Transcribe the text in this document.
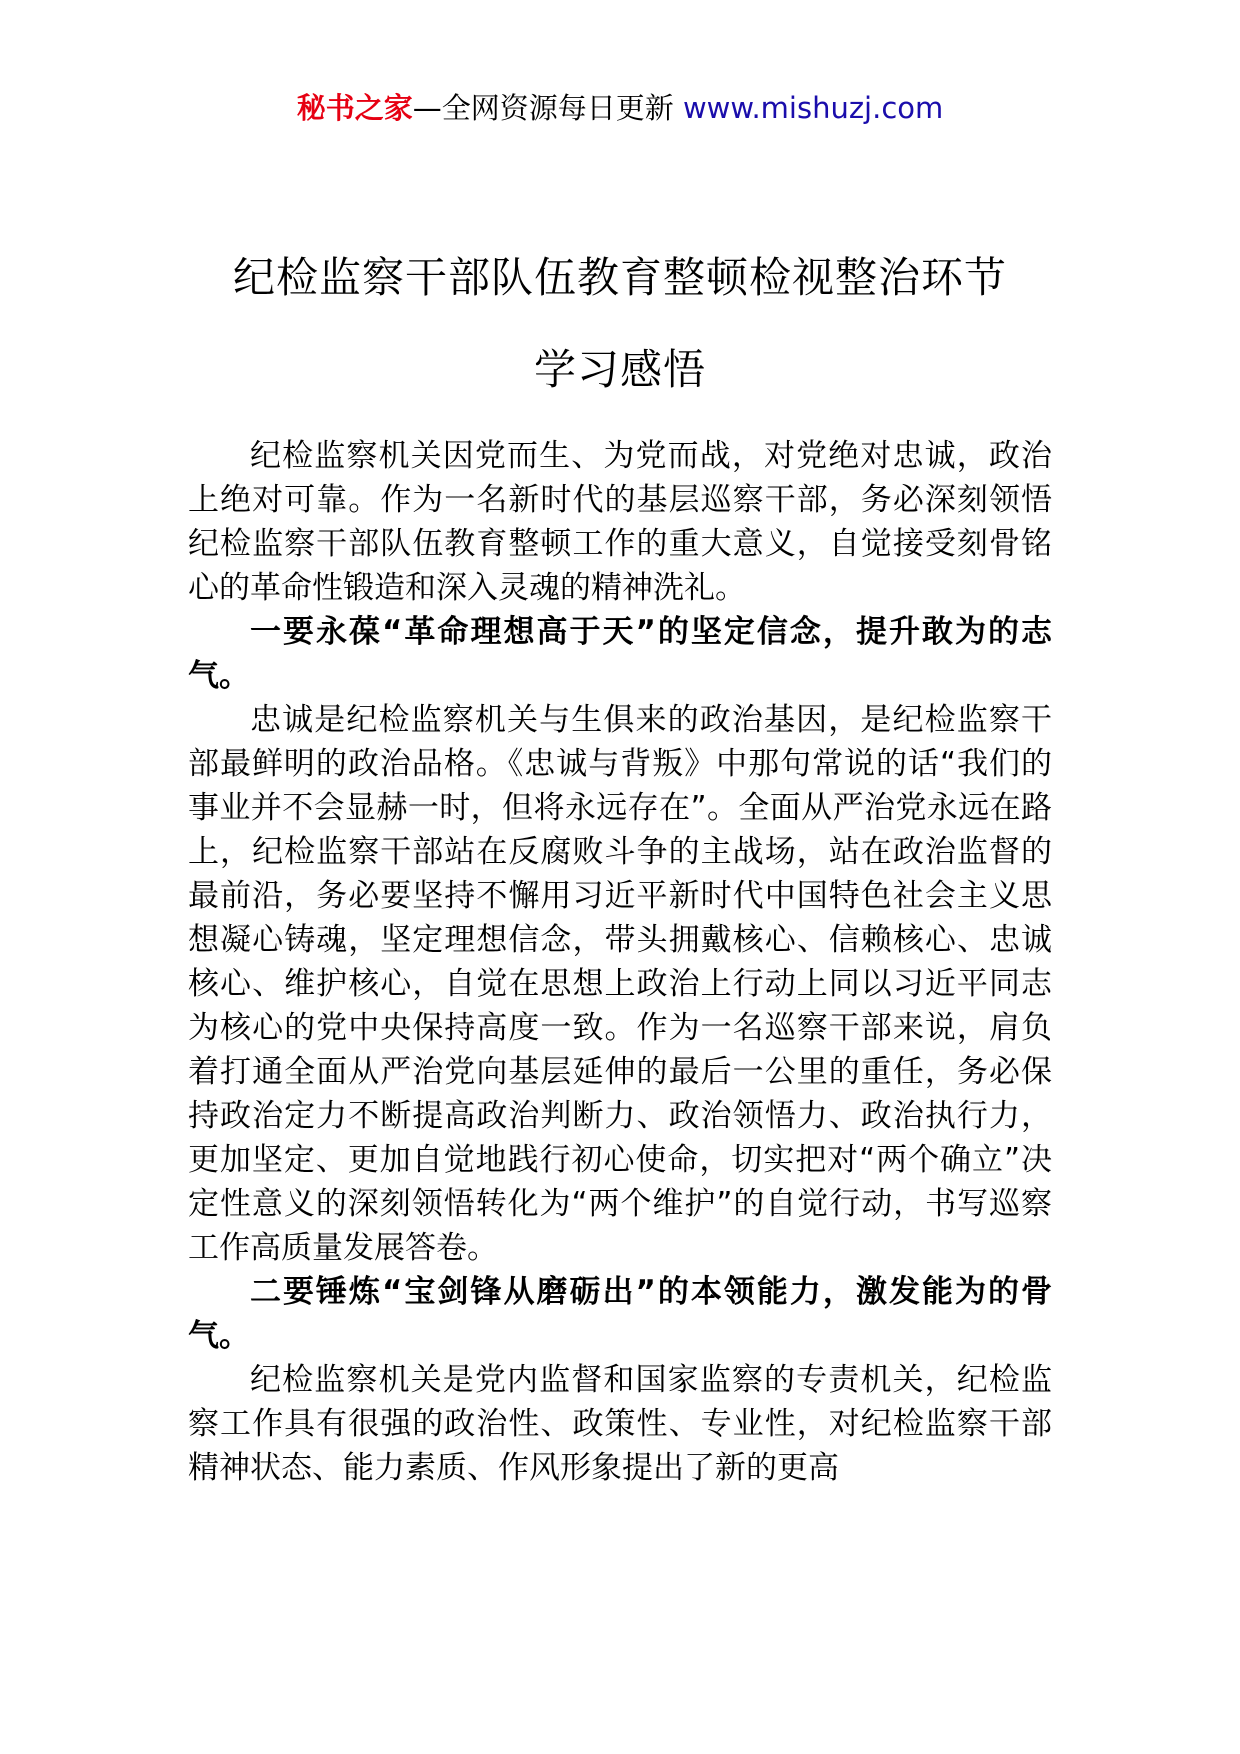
秘书之家—全网资源每日更新 www.mishuzj.com
纪检监察干部队伍教育整顿检视整治环节
学习感悟

纪检监察机关因党而生、为党而战，对党绝对忠诚，政治上绝对可靠。作为一名新时代的基层巡察干部，务必深刻领悟纪检监察干部队伍教育整顿工作的重大意义，自觉接受刻骨铭心的革命性锻造和深入灵魂的精神洗礼。

一要永葆“革命理想高于天”的坚定信念，提升敢为的志气。

忠诚是纪检监察机关与生俱来的政治基因，是纪检监察干部最鲜明的政治品格。《忠诚与背叛》中那句常说的话“我们的事业并不会显赫一时，但将永远存在”。全面从严治党永远在路上，纪检监察干部站在反腐败斗争的主战场，站在政治监督的最前沿，务必要坚持不懈用习近平新时代中国特色社会主义思想凝心铸魂，坚定理想信念，带头拥戴核心、信赖核心、忠诚核心、维护核心，自觉在思想上政治上行动上同以习近平同志为核心的党中央保持高度一致。作为一名巡察干部来说，肩负着打通全面从严治党向基层延伸的最后一公里的重任，务必保持政治定力不断提高政治判断力、政治领悟力、政治执行力，更加坚定、更加自觉地践行初心使命，切实把对“两个确立”决定性意义的深刻领悟转化为“两个维护”的自觉行动，书写巡察工作高质量发展答卷。

二要锤炼“宝剑锋从磨砺出”的本领能力，激发能为的骨气。

纪检监察机关是党内监督和国家监察的专责机关，纪检监察工作具有很强的政治性、政策性、专业性，对纪检监察干部精神状态、能力素质、作风形象提出了新的更高
